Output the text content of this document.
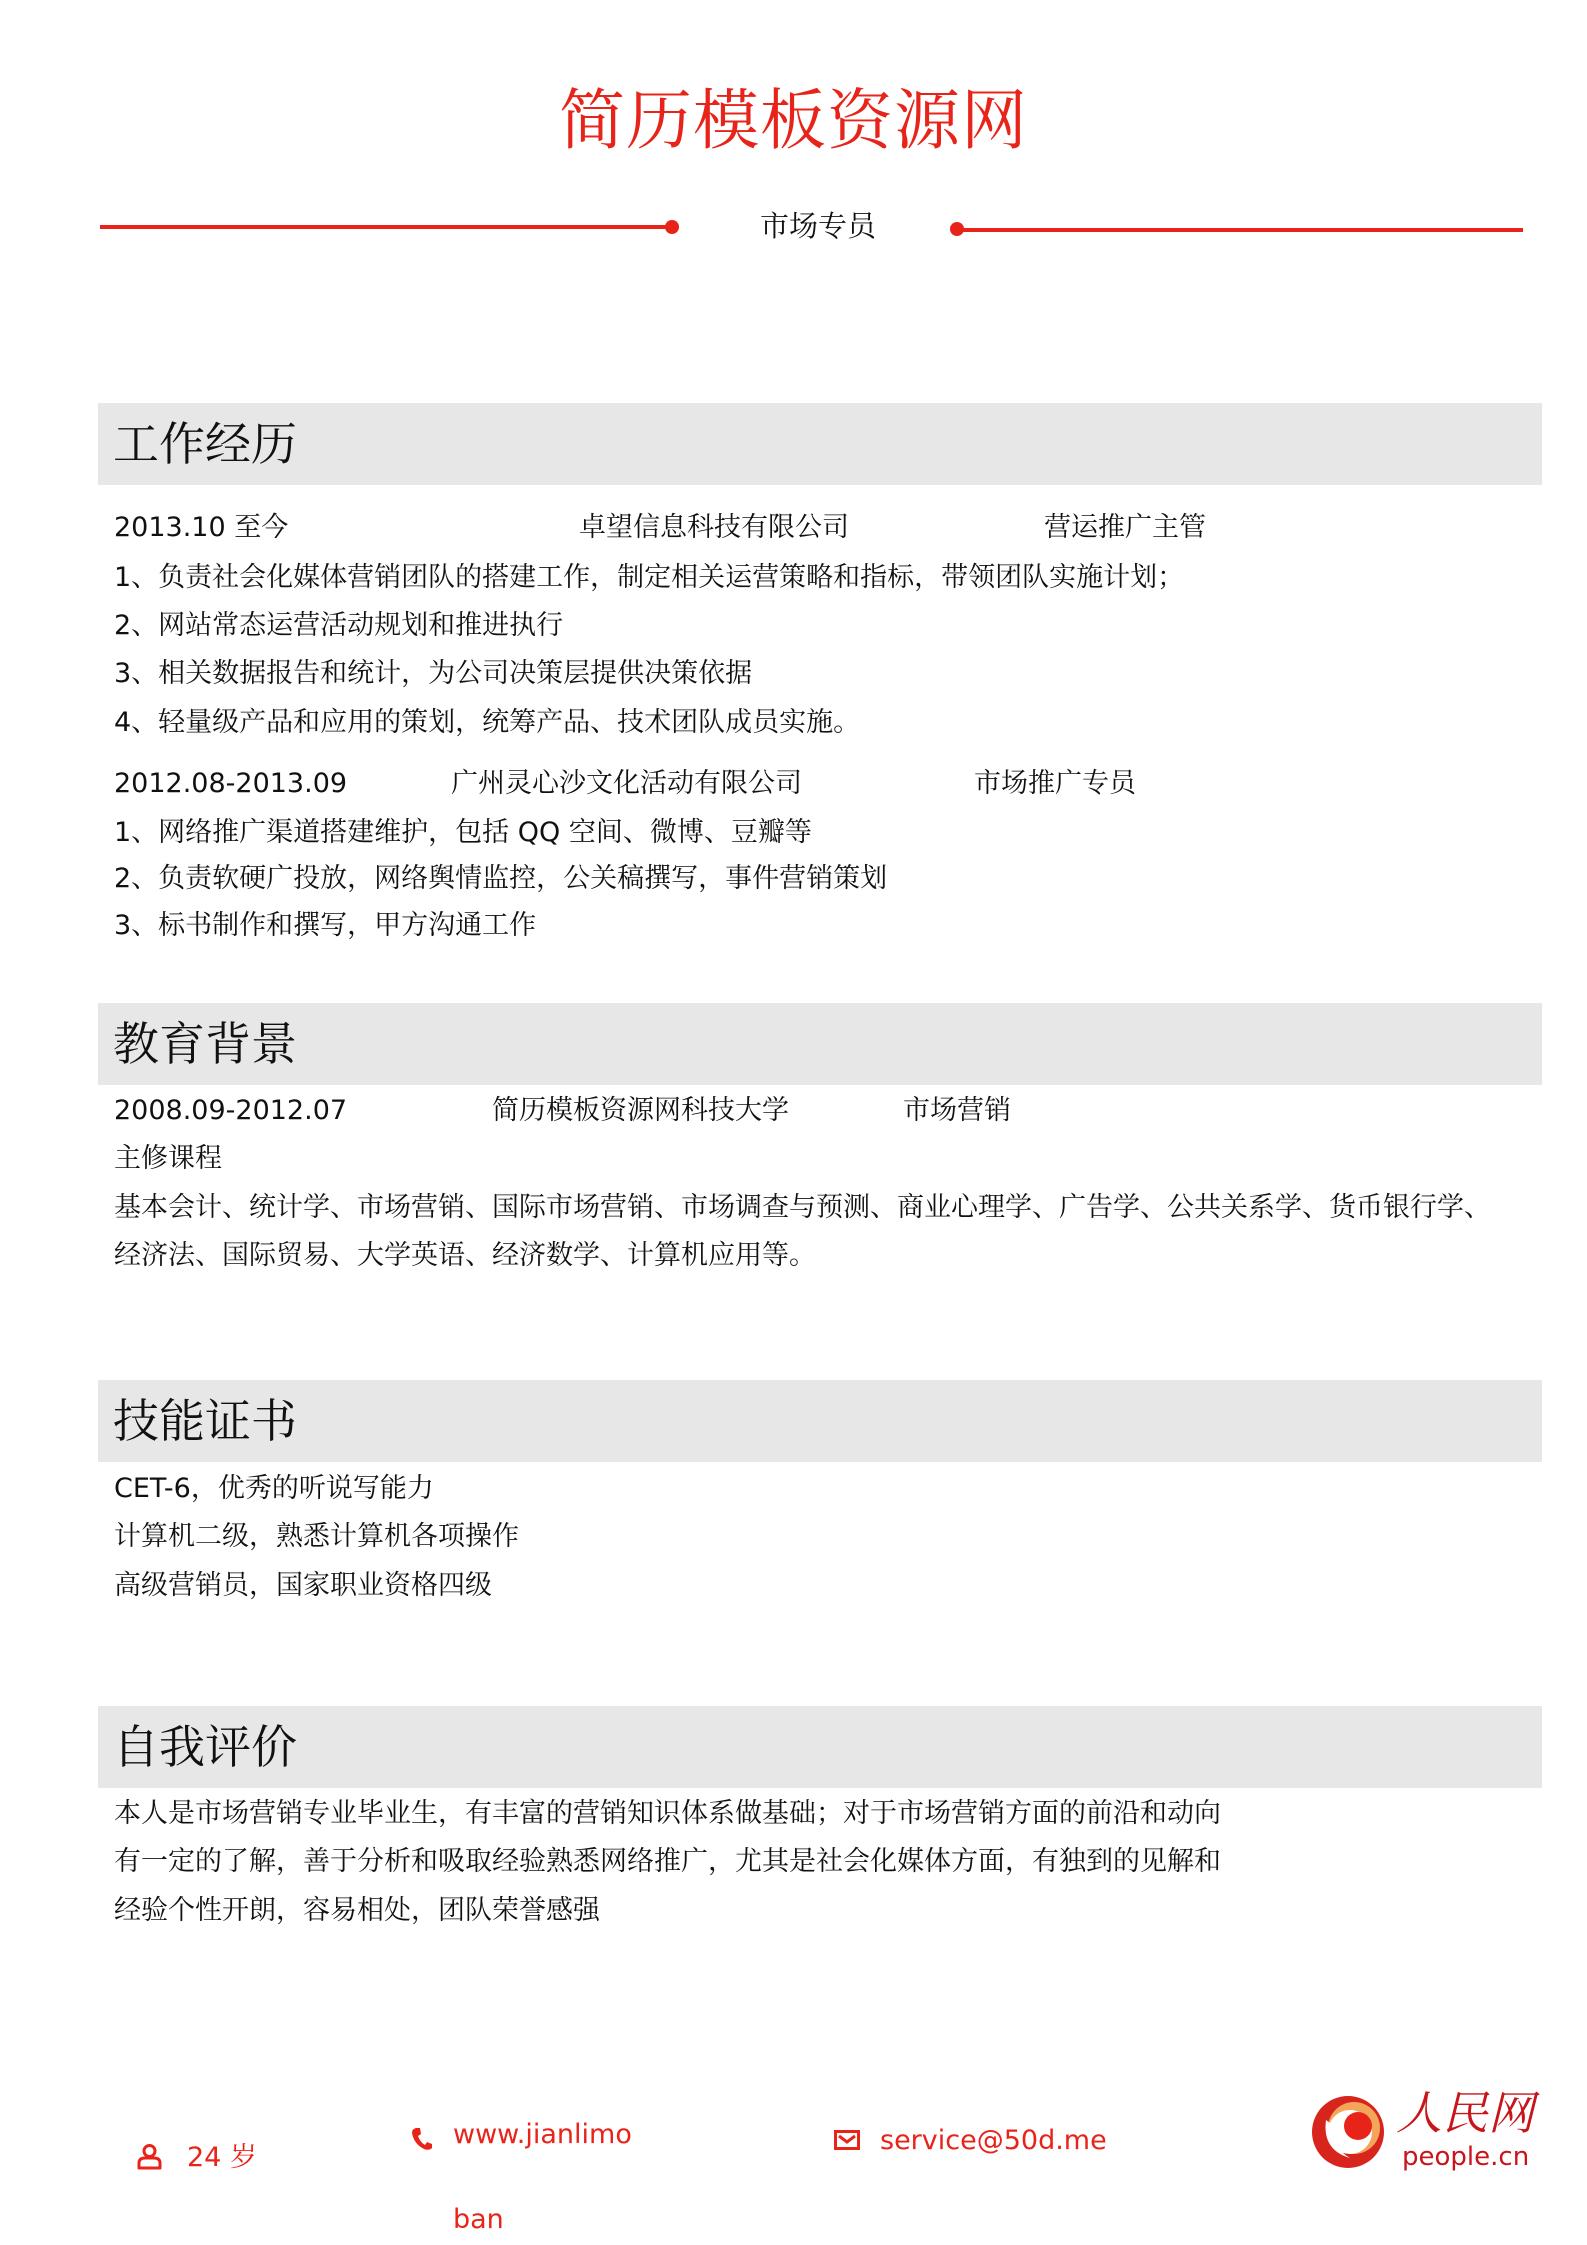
简历模板资源网
市场专员
工作经历
2013.10 至今	卓望信息科技有限公司	营运推广主管
1、负责社会化媒体营销团队的搭建工作，制定相关运营策略和指标，带领团队实施计划；
2、网站常态运营活动规划和推进执行
3、相关数据报告和统计，为公司决策层提供决策依据
4、轻量级产品和应用的策划，统筹产品、技术团队成员实施。
2012.08-2013.09	广州灵心沙文化活动有限公司	市场推广专员
1、网络推广渠道搭建维护，包括 QQ 空间、微博、豆瓣等
2、负责软硬广投放，网络舆情监控，公关稿撰写，事件营销策划
3、标书制作和撰写，甲方沟通工作
教育背景
2008.09-2012.07	简历模板资源网科技大学	市场营销
主修课程
基本会计、统计学、市场营销、国际市场营销、市场调查与预测、商业心理学、广告学、公共关系学、货币银行学、
经济法、国际贸易、大学英语、经济数学、计算机应用等。
技能证书
CET-6，优秀的听说写能力
计算机二级，熟悉计算机各项操作
高级营销员，国家职业资格四级
自我评价
本人是市场营销专业毕业生，有丰富的营销知识体系做基础；对于市场营销方面的前沿和动向
有一定的了解，善于分析和吸取经验熟悉网络推广，尤其是社会化媒体方面，有独到的见解和
经验个性开朗，容易相处，团队荣誉感强
24 岁
www.jianlimo
ban
service@50d.me
人民网
people.cn
